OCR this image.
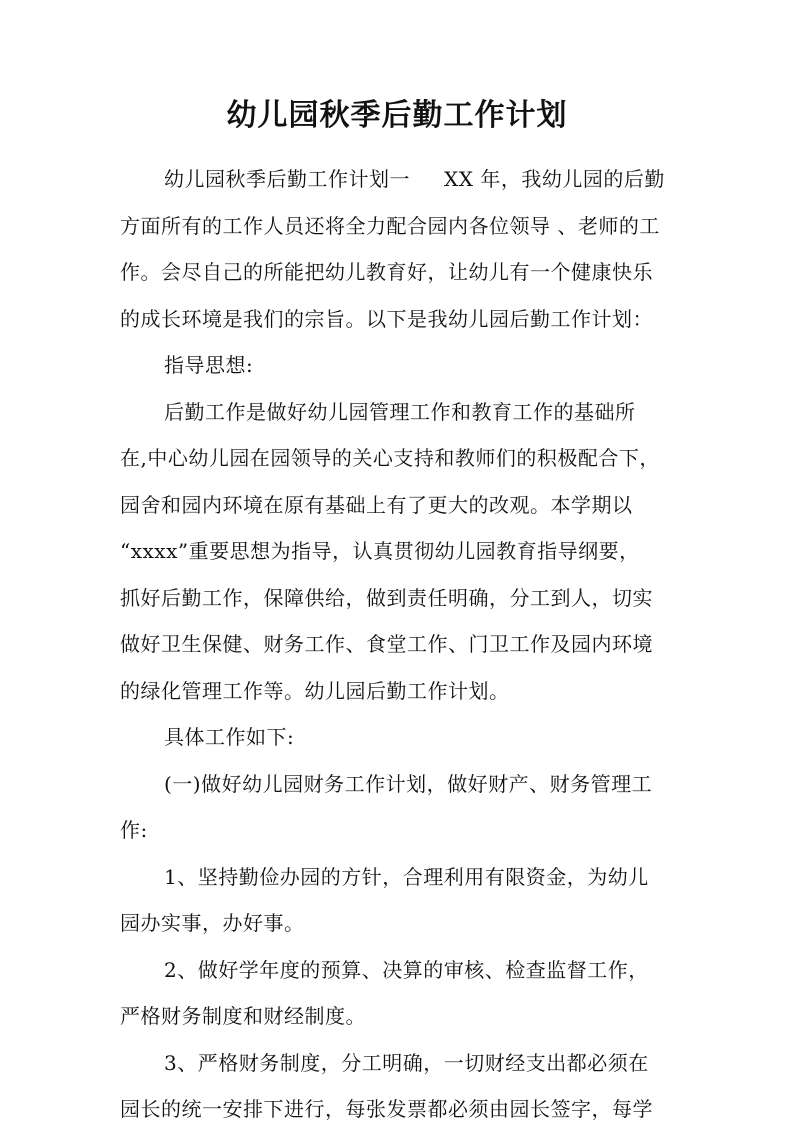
幼儿园秋季后勤工作计划
幼儿园秋季后勤工作计划一 XX 年，我幼儿园的后勤
方面所有的工作人员还将全力配合园内各位领导 、老师的工
作。会尽自己的所能把幼儿教育好，让幼儿有一个健康快乐
的成长环境是我们的宗旨。以下是我幼儿园后勤工作计划：
指导思想:
后勤工作是做好幼儿园管理工作和教育工作的基础所
在,中心幼儿园在园领导的关心支持和教师们的积极配合下，
园舍和园内环境在原有基础上有了更大的改观。本学期以
“xxxx”重要思想为指导，认真贯彻幼儿园教育指导纲要，
抓好后勤工作，保障供给，做到责任明确，分工到人，切实
做好卫生保健、财务工作、食堂工作、门卫工作及园内环境
的绿化管理工作等。幼儿园后勤工作计划。
具体工作如下:
(一)做好幼儿园财务工作计划，做好财产、财务管理工
作:
1、坚持勤俭办园的方针，合理利用有限资金，为幼儿
园办实事，办好事。
2、做好学年度的预算、决算的审核、检查监督工作，
严格财务制度和财经制度。
3、严格财务制度，分工明确，一切财经支出都必须在
园长的统一安排下进行，每张发票都必须由园长签字，每学
